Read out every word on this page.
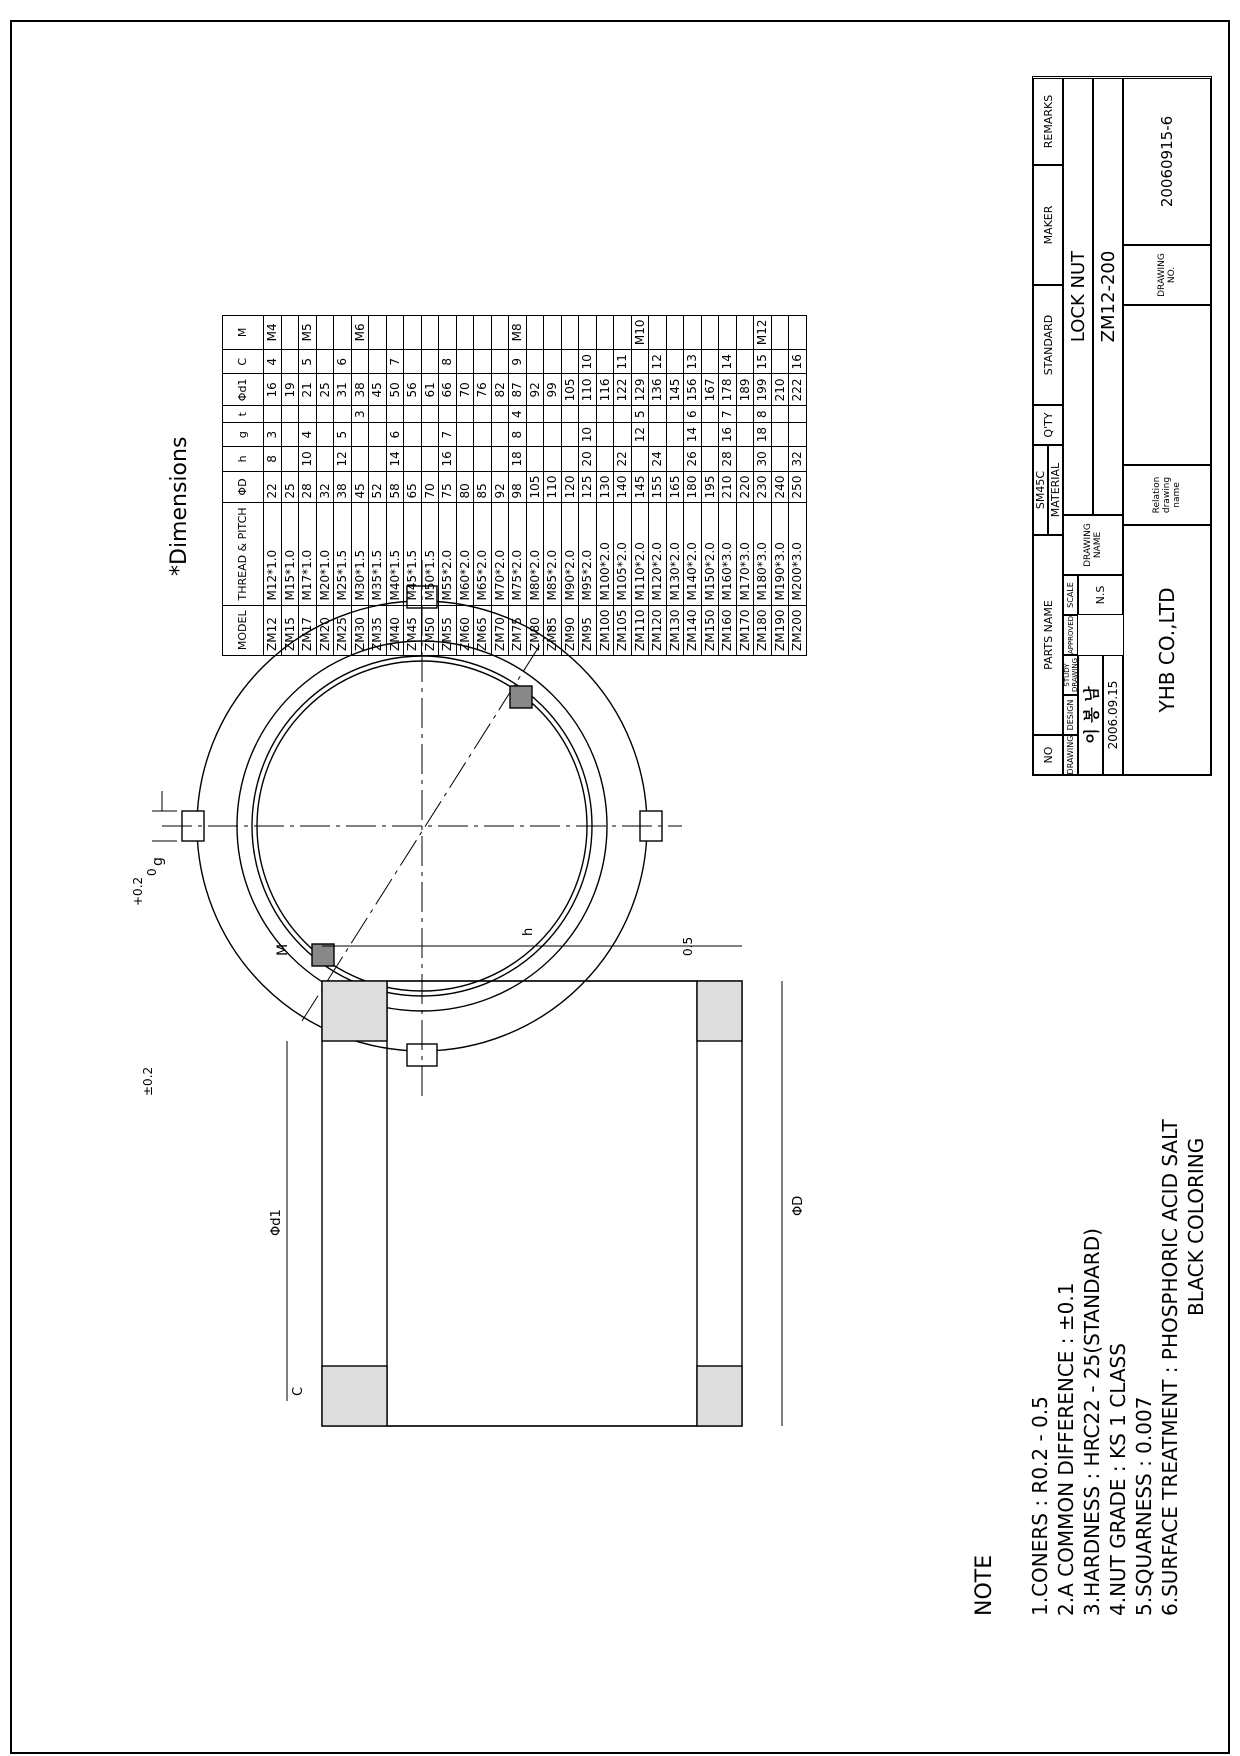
g
+0.2
0
±0.2
M
ΦD
Φd1
C
h
0.5
*Dimensions
NOTE 1.CONERS : R0.2 - 0.5 2.A COMMON DIFFERENCE : ±0.1 3.HARDNESS : HRC22 - 25(STANDARD) 4.NUT GRADE : KS 1 CLASS 5.SQUARNESS : 0.007 6.SURFACE TREATMENT : PHOSPHORIC ACID SALT BLACK COLORING
MODEL	THREAD & PITCH	ΦD	h	g	t	Φd1	C	M
ZM12	M12*1.0	22	8	3		16	4	M4
ZM15	M15*1.0	25				19		
ZM17	M17*1.0	28	10	4		21	5	M5
ZM20	M20*1.0	32				25		
ZM25	M25*1.5	38	12	5		31	6	
ZM30	M30*1.5	45			3	38		M6
ZM35	M35*1.5	52				45		
ZM40	M40*1.5	58	14	6		50	7	
ZM45	M45*1.5	65				56		
ZM50	M50*1.5	70				61		
ZM55	M55*2.0	75	16	7		66	8	
ZM60	M60*2.0	80				70		
ZM65	M65*2.0	85				76		
ZM70	M70*2.0	92				82		
ZM75	M75*2.0	98	18	8	4	87	9	M8
ZM80	M80*2.0	105				92		
ZM85	M85*2.0	110				99		
ZM90	M90*2.0	120				105		
ZM95	M95*2.0	125	20	10		110	10	
ZM100	M100*2.0	130				116		
ZM105	M105*2.0	140	22			122	11	
ZM110	M110*2.0	145		12	5	129		M10
ZM120	M120*2.0	155	24			136	12	
ZM130	M130*2.0	165				145		
ZM140	M140*2.0	180	26	14	6	156	13	
ZM150	M150*2.0	195				167		
ZM160	M160*3.0	210	28	16	7	178	14	
ZM170	M170*3.0	220				189		
ZM180	M180*3.0	230	30	18	8	199	15	M12
ZM190	M190*3.0	240				210		
ZM200	M200*3.0	250	32			222	16	
NO
PARTS NAME
SM45C MATERIAL
Q'TY
STANDARD
MAKER
REMARKS
DRAWING
DESIGN
STUDY DRAWING
APPROVED
SCALE	N.S
이 봉 남 2006.09.15
DRAWING NAME
LOCK NUT ZM12-200
YHB CO.,LTD
Relation drawing name
DRAWING NO.
20060915-6
